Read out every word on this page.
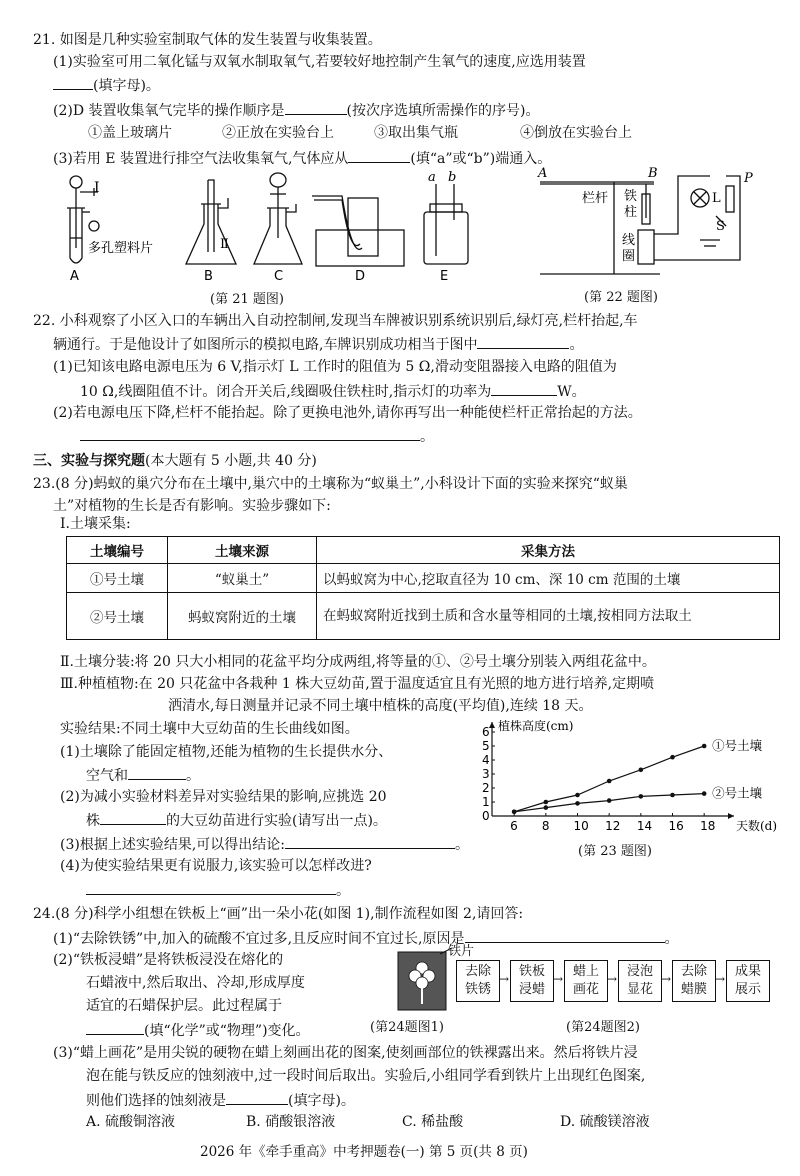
21. 如图是几种实验室制取气体的发生装置与收集装置。
(1)实验室可用二氧化锰与双氧水制取氧气,若要较好地控制产生氧气的速度,应选用装置
(填字母)。
(2)D 装置收集氧气完毕的操作顺序是	(按次序选填所需操作的序号)。
①盖上玻璃片	②正放在实验台上	③取出集气瓶	④倒放在实验台上
(3)若用 E 装置进行排空气法收集氧气,气体应从	(填“a”或“b”)端通入。
I
Ⅱ
多孔塑料片
a b
A	B	C	D	E
(第 21 题图)
A	B
栏杆 铁
柱
线
圈
L
P
S
(第 22 题图)
22. 小科观察了小区入口的车辆出入自动控制闸,发现当车牌被识别系统识别后,绿灯亮,栏杆抬起,车
辆通行。于是他设计了如图所示的模拟电路,车牌识别成功相当于图中	。
(1)已知该电路电源电压为 6 V,指示灯 L 工作时的阻值为 5 Ω,滑动变阻器接入电路的阻值为
10 Ω,线圈阻值不计。闭合开关后,线圈吸住铁柱时,指示灯的功率为	W。
(2)若电源电压下降,栏杆不能抬起。除了更换电池外,请你再写出一种能使栏杆正常抬起的方法。
。
三、实验与探究题(本大题有 5 小题,共 40 分)
23.(8 分)蚂蚁的巢穴分布在土壤中,巢穴中的土壤称为“蚁巢土”,小科设计下面的实验来探究“蚁巢
土”对植物的生长是否有影响。实验步骤如下:
Ⅰ.土壤采集:
土壤编号	土壤来源	采集方法
①号土壤	“蚁巢土”	以蚂蚁窝为中心,挖取直径为 10 cm、深 10 cm 范围的土壤
②号土壤	蚂蚁窝附近的土壤	在蚂蚁窝附近找到土质和含水量等相同的土壤,按相同方法取土
Ⅱ.土壤分装:将 20 只大小相同的花盆平均分成两组,将等量的①、②号土壤分别装入两组花盆中。
Ⅲ.种植植物:在 20 只花盆中各栽种 1 株大豆幼苗,置于温度适宜且有光照的地方进行培养,定期喷
洒清水,每日测量并记录不同土壤中植株的高度(平均值),连续 18 天。
实验结果:不同土壤中大豆幼苗的生长曲线如图。
(1)土壤除了能固定植物,还能为植物的生长提供水分、
空气和	。
(2)为减小实验材料差异对实验结果的影响,应挑选 20
株	的大豆幼苗进行实验(请写出一点)。
(3)根据上述实验结果,可以得出结论:	。
(4)为使实验结果更有说服力,该实验可以怎样改进?
。
0
1
2
3
4
5
6
6 8 10 12 14 16 18
植株高度(cm)
天数(d)
①号土壤
②号土壤
(第 23 题图)
24.(8 分)科学小组想在铁板上“画”出一朵小花(如图 1),制作流程如图 2,请回答:
(1)“去除铁锈”中,加入的硫酸不宜过多,且反应时间不宜过长,原因是	。
(2)“铁板浸蜡”是将铁板浸没在熔化的
石蜡液中,然后取出、冷却,形成厚度
适宜的石蜡保护层。此过程属于
(填“化学”或“物理”)变化。
铁片
(第24题图1)
去除
铁锈
→ 铁板
浸蜡
→ 蜡上
画花
→ 浸泡
显花
→ 去除
蜡膜
→ 成果
展示
(第24题图2)
(3)“蜡上画花”是用尖锐的硬物在蜡上刻画出花的图案,使刻画部位的铁裸露出来。然后将铁片浸
泡在能与铁反应的蚀刻液中,过一段时间后取出。实验后,小组同学看到铁片上出现红色图案,
则他们选择的蚀刻液是	(填字母)。
A. 硫酸铜溶液	B. 硝酸银溶液	C. 稀盐酸	D. 硫酸镁溶液
2026 年《牵手重高》中考押题卷(一) 第 5 页(共 8 页)
